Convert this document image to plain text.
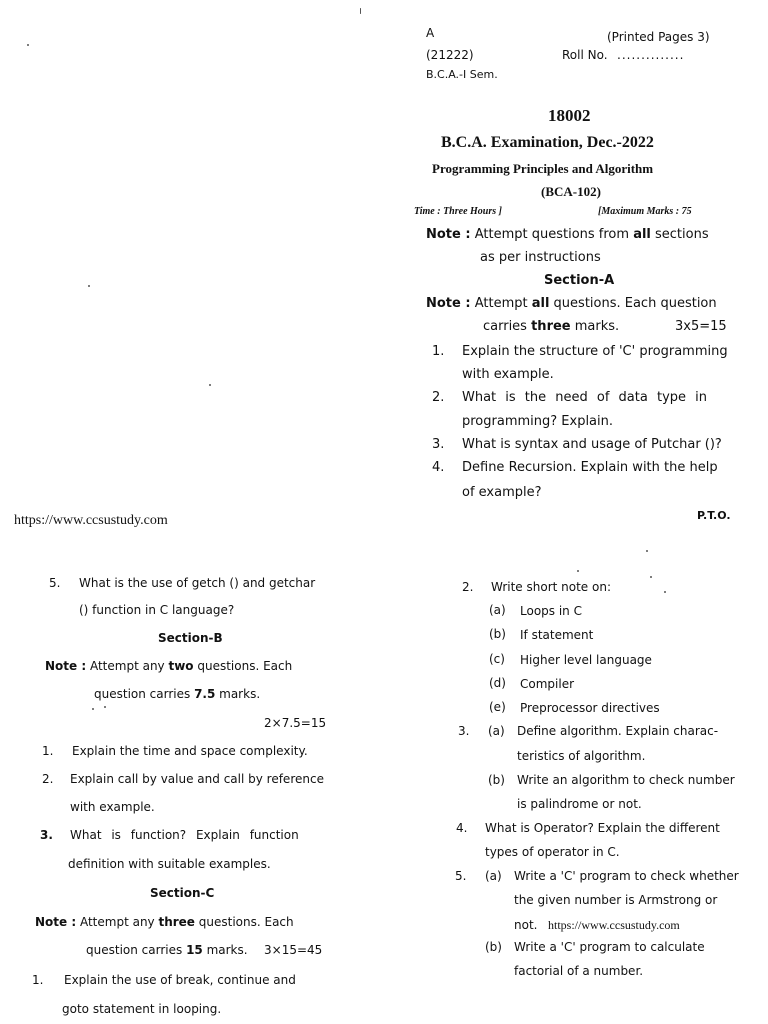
A	(Printed Pages 3)
(21222)	Roll No. ..............
B.C.A.-I Sem.
18002
B.C.A. Examination, Dec.-2022
Programming Principles and Algorithm
(BCA-102)
Time : Three Hours ]	[Maximum Marks : 75
Note : Attempt questions from all sections
as per instructions
Section-A
Note : Attempt all questions. Each question
carries three marks.	3x5=15
1. Explain the structure of 'C' programming
with example.
2. What is the need of data type in
programming? Explain.
3. What is syntax and usage of Putchar ()?
4. Define Recursion. Explain with the help
of example?
P.T.O.
https://www.ccsustudy.com
5. What is the use of getch () and getchar
() function in C language?
Section-B
Note : Attempt any two questions. Each
question carries 7.5 marks.
2×7.5=15
1. Explain the time and space complexity.
2. Explain call by value and call by reference
with example.
3. What is function? Explain function
definition with suitable examples.
Section-C
Note : Attempt any three questions. Each
question carries 15 marks. 3×15=45
1. Explain the use of break, continue and
goto statement in looping.
2. Write short note on:
(a) Loops in C
(b) If statement
(c) Higher level language
(d) Compiler
(e) Preprocessor directives
3. (a) Define algorithm. Explain charac-
teristics of algorithm.
(b) Write an algorithm to check number
is palindrome or not.
4. What is Operator? Explain the different
types of operator in C.
5. (a) Write a 'C' program to check whether
the given number is Armstrong or
not. https://www.ccsustudy.com
(b) Write a 'C' program to calculate
factorial of a number.
